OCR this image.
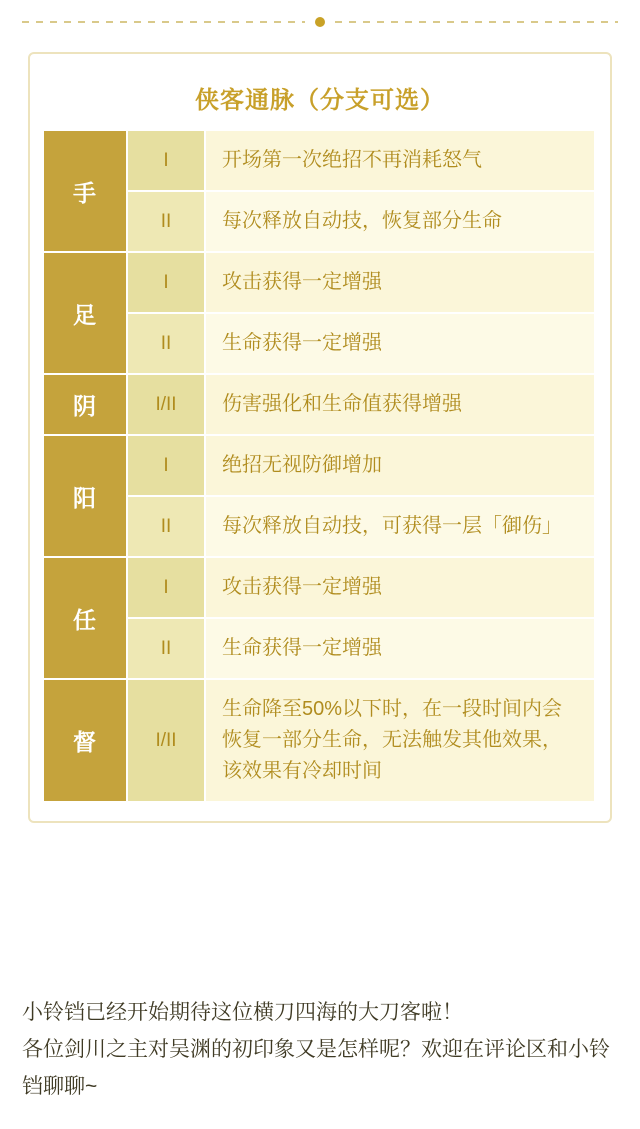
侠客通脉（分支可选）
手	I	开场第一次绝招不再消耗怒气
	II	每次释放自动技，恢复部分生命
足	I	攻击获得一定增强
	II	生命获得一定增强
阴	I/II	伤害强化和生命值获得增强
阳	I	绝招无视防御增加
	II	每次释放自动技，可获得一层「御伤」
任	I	攻击获得一定增强
	II	生命获得一定增强
督	I/II	生命降至50%以下时，在一段时间内会恢复一部分生命，无法触发其他效果，该效果有冷却时间

小铃铛已经开始期待这位横刀四海的大刀客啦！

各位剑川之主对吴渊的初印象又是怎样呢？欢迎在评论区和小铃铛聊聊~
